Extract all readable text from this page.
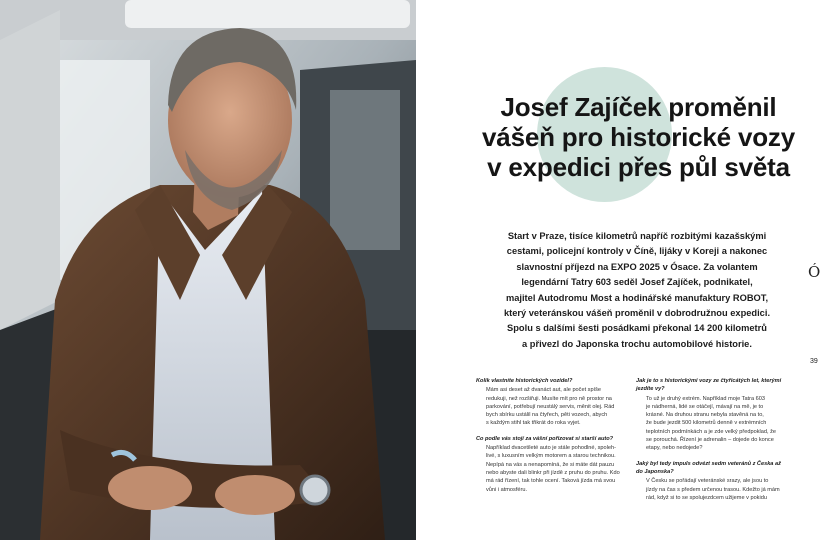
Josef Zajíček proměnil
vášeň pro historické vozy
v expedici přes půl světa

Start v Praze, tisíce kilometrů napříč rozbitými kazašskými
cestami, policejní kontroly v Číně, lijáky v Koreji a nakonec
slavnostní příjezd na EXPO 2025 v Ósace. Za volantem
legendární Tatry 603 seděl Josef Zajíček, podnikatel,
majitel Autodromu Most a hodinářské manufaktury ROBOT,
který veteránskou vášeň proměnil v dobrodružnou expedici.
Spolu s dalšími šesti posádkami překonal 14 200 kilometrů
a přivezl do Japonska trochu automobilové historie.

Ó
39

Kolik vlastníte historických vozidel?

Mám asi deset až dvanáct aut, ale počet spíše
redukuji, než rozšiřuji. Musíte mít pro ně prostor na
parkování, potřebují neustálý servis, měnit olej. Rád
bych sbírku ustálil na čtyřech, pěti vozech, abych
s každým stihl tak třikrát do roka vyjet.

Co podle vás stojí za vášní pořizovat si starší auto?

Například dvacetileté auto je stále pohodlné, spoleh-
livé, s luxusním velkým motorem a starou technikou.
Nepípá na vás a nenapomíná, že si máte dát pauzu
nebo abyste dali blinkr při jízdě z pruhu do pruhu. Kdo
má rád řízení, tak tohle ocení. Taková jízda má svou
vůni i atmosféru.

Jak je to s historickými vozy ze čtyřicátých let, kterými
jezdíte vy?

To už je druhý extrém. Například moje Tatra 603
je nádherná, lidé se otáčejí, mávají na mě, je to
krásné. Na druhou stranu nebyla stavěná na to,
že bude jezdit 500 kilometrů denně v extrémních
teplotních podmínkách a je zde velký předpoklad, že
se porouchá. Řízení je adrenalin – dojede do konce
etapy, nebo nedojede?

Jaký byl tedy impuls odvézt sedm veteránů z Česka až
do Japonska?

V Česku se pořádají veteránské srazy, ale jsou to
jízdy na čas s předem určenou trasou. Kdežto já mám
rád, když si to se spolujezdcem užijeme v pokidu
